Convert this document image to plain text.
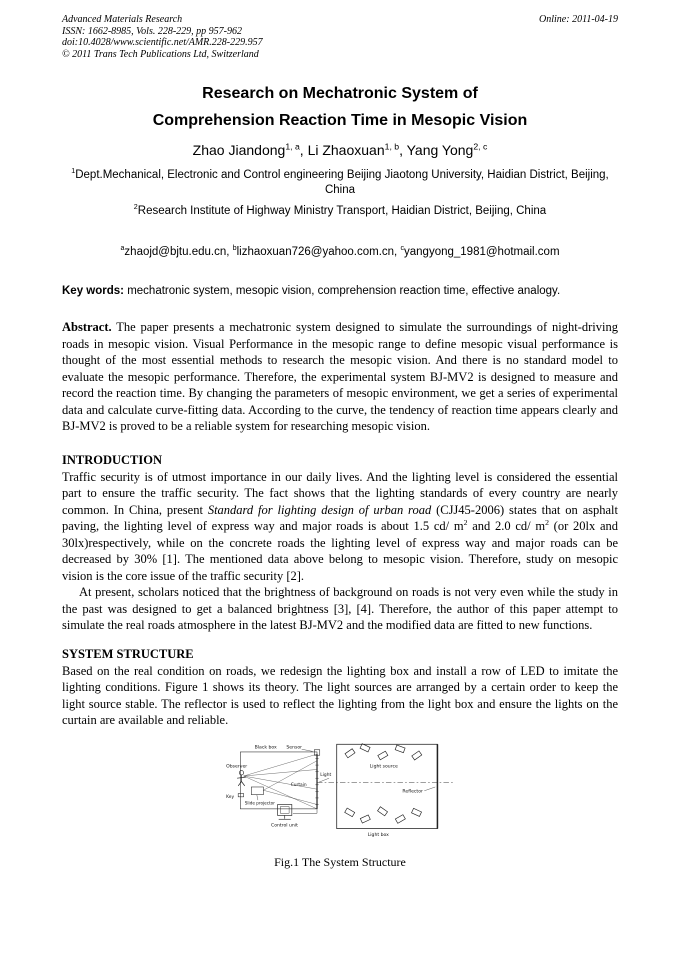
Advanced Materials Research
ISSN: 1662-8985, Vols. 228-229, pp 957-962
doi:10.4028/www.scientific.net/AMR.228-229.957
© 2011 Trans Tech Publications Ltd, Switzerland
Online: 2011-04-19
Research on Mechatronic System of
Comprehension Reaction Time in Mesopic Vision
Zhao Jiandong$^{1, a}$, Li Zhaoxuan$^{1, b}$, Yang Yong$^{2, c}$
$^1$Dept.Mechanical, Electronic and Control engineering Beijing Jiaotong University, Haidian District, Beijing, China
$^2$Research Institute of Highway Ministry Transport, Haidian District, Beijing, China
$^a$zhaojd@bjtu.edu.cn, $^b$lizhaoxuan726@yahoo.com.cn, $^c$yangyong_1981@hotmail.com
Key words: mechatronic system, mesopic vision, comprehension reaction time, effective analogy.

Abstract. The paper presents a mechatronic system designed to simulate the surroundings of night-driving roads in mesopic vision. Visual Performance in the mesopic range to define mesopic visual performance is thought of the most essential methods to research the mesopic vision. And there is no standard model to evaluate the mesopic performance. Therefore, the experimental system BJ-MV2 is designed to measure and record the reaction time. By changing the parameters of mesopic environment, we get a series of experimental data and calculate curve-fitting data. According to the curve, the tendency of reaction time appears clearly and BJ-MV2 is proved to be a reliable system for researching mesopic vision.

INTRODUCTION

Traffic security is of utmost importance in our daily lives. And the lighting level is considered the essential part to ensure the traffic security. The fact shows that the lighting standards of every country are nearly common. In China, present Standard for lighting design of urban road (CJJ45-2006) states that on asphalt paving, the lighting level of express way and major roads is about 1.5 cd/ $m^2$ and 2.0 cd/ $m^2$ (or 20lx and 30lx)respectively, while on the concrete roads the lighting level of express way and major roads can be decreased by 30% [1]. The mentioned data above belong to mesopic vision. Therefore, study on mesopic vision is the core issue of the traffic security [2].

At present, scholars noticed that the brightness of background on roads is not very even while the study in the past was designed to get a balanced brightness [3], [4]. Therefore, the author of this paper attempt to simulate the real roads atmosphere in the latest BJ-MV2 and the modified data are fitted to new functions.

SYSTEM STRUCTURE

Based on the real condition on roads, we redesign the lighting box and install a row of LED to imitate the lighting conditions. Figure 1 shows its theory. The light sources are arranged by a certain order to keep the light source stable. The reflector is used to reflect the lighting from the light box and ensure the lights on the curtain are available and reliable.

Black box Sensor
Curtain
Observer
Key
Slide projector
Control unit
Light
Light source
Reflector
Light box
Fig.1 The System Structure
